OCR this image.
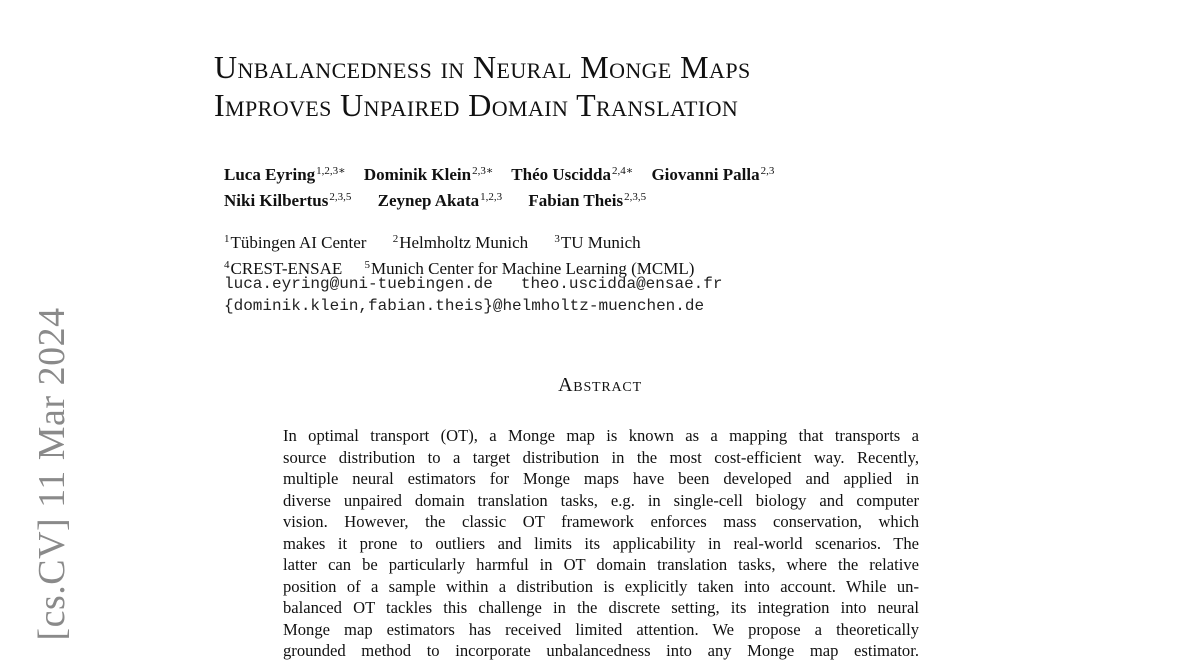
[cs.CV] 11 Mar 2024
Unbalancedness in Neural Monge Maps
Improves Unpaired Domain Translation
Luca Eyring$^{1,2,3∗}$ Dominik Klein$^{2,3∗}$ Théo Uscidda$^{2,4∗}$ Giovanni Palla$^{2,3}$
Niki Kilbertus$^{2,3,5}$ Zeynep Akata$^{1,2,3}$ Fabian Theis$^{2,3,5}$
$^1$Tübingen AI Center $^2$Helmholtz Munich $^3$TU Munich
$^4$CREST-ENSAE $^5$Munich Center for Machine Learning (MCML)
luca.eyring@uni-tuebingen.de theo.uscidda@ensae.fr
{dominik.klein,fabian.theis}@helmholtz-muenchen.de
Abstract
In optimal transport (OT), a Monge map is known as a mapping that transports a
source distribution to a target distribution in the most cost-efficient way. Recently,
multiple neural estimators for Monge maps have been developed and applied in
diverse unpaired domain translation tasks, e.g. in single-cell biology and computer
vision. However, the classic OT framework enforces mass conservation, which
makes it prone to outliers and limits its applicability in real-world scenarios. The
latter can be particularly harmful in OT domain translation tasks, where the relative
position of a sample within a distribution is explicitly taken into account. While un-
balanced OT tackles this challenge in the discrete setting, its integration into neural
Monge map estimators has received limited attention. We propose a theoretically
grounded method to incorporate unbalancedness into any Monge map estimator.
